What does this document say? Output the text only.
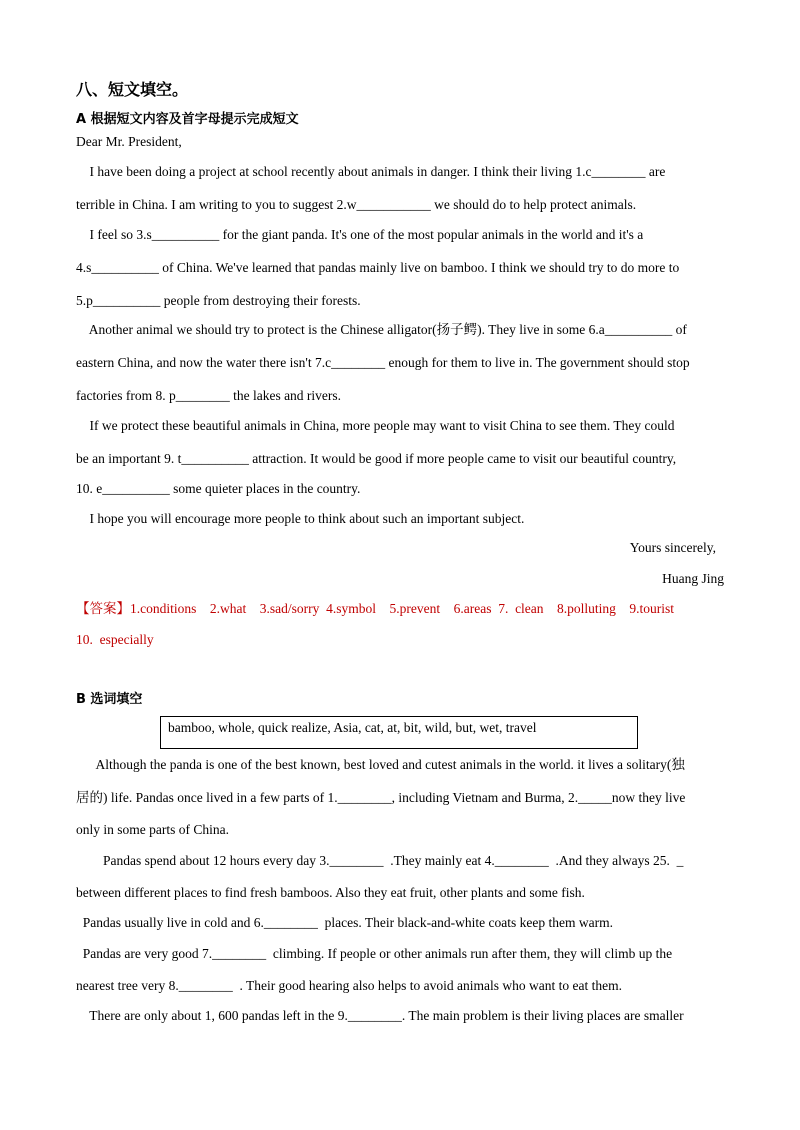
八、短文填空。
A 根据短文内容及首字母提示完成短文
Dear Mr. President,
I have been doing a project at school recently about animals in danger. I think their living 1.c________ are
terrible in China. I am writing to you to suggest 2.w___________ we should do to help protect animals.
I feel so 3.s__________ for the giant panda. It's one of the most popular animals in the world and it's a
4.s__________ of China. We've learned that pandas mainly live on bamboo. I think we should try to do more to
5.p__________ people from destroying their forests.
Another animal we should try to protect is the Chinese alligator(扬子鳄). They live in some 6.a__________ of
eastern China, and now the water there isn't 7.c________ enough for them to live in. The government should stop
factories from 8. p________ the lakes and rivers.
If we protect these beautiful animals in China, more people may want to visit China to see them. They could
be an important 9. t__________ attraction. It would be good if more people came to visit our beautiful country,
10. e__________ some quieter places in the country.
I hope you will encourage more people to think about such an important subject.
Yours sincerely,
Huang Jing
【答案】1.conditions    2.what    3.sad/sorry  4.symbol    5.prevent    6.areas  7.  clean    8.polluting    9.tourist
10.  especially
B 选词填空
bamboo, whole, quick realize, Asia, cat, at, bit, wild, but, wet, travel
Although the panda is one of the best known, best loved and cutest animals in the world. it lives a solitary(独
居的) life. Pandas once lived in a few parts of 1.________, including Vietnam and Burma, 2._____now they live
only in some parts of China.
Pandas spend about 12 hours every day 3.________  .They mainly eat 4.________  .And they always 25.  _
between different places to find fresh bamboos. Also they eat fruit, other plants and some fish.
Pandas usually live in cold and 6.________  places. Their black-and-white coats keep them warm.
Pandas are very good 7.________  climbing. If people or other animals run after them, they will climb up the
nearest tree very 8.________  . Their good hearing also helps to avoid animals who want to eat them.
There are only about 1, 600 pandas left in the 9.________. The main problem is their living places are smaller
